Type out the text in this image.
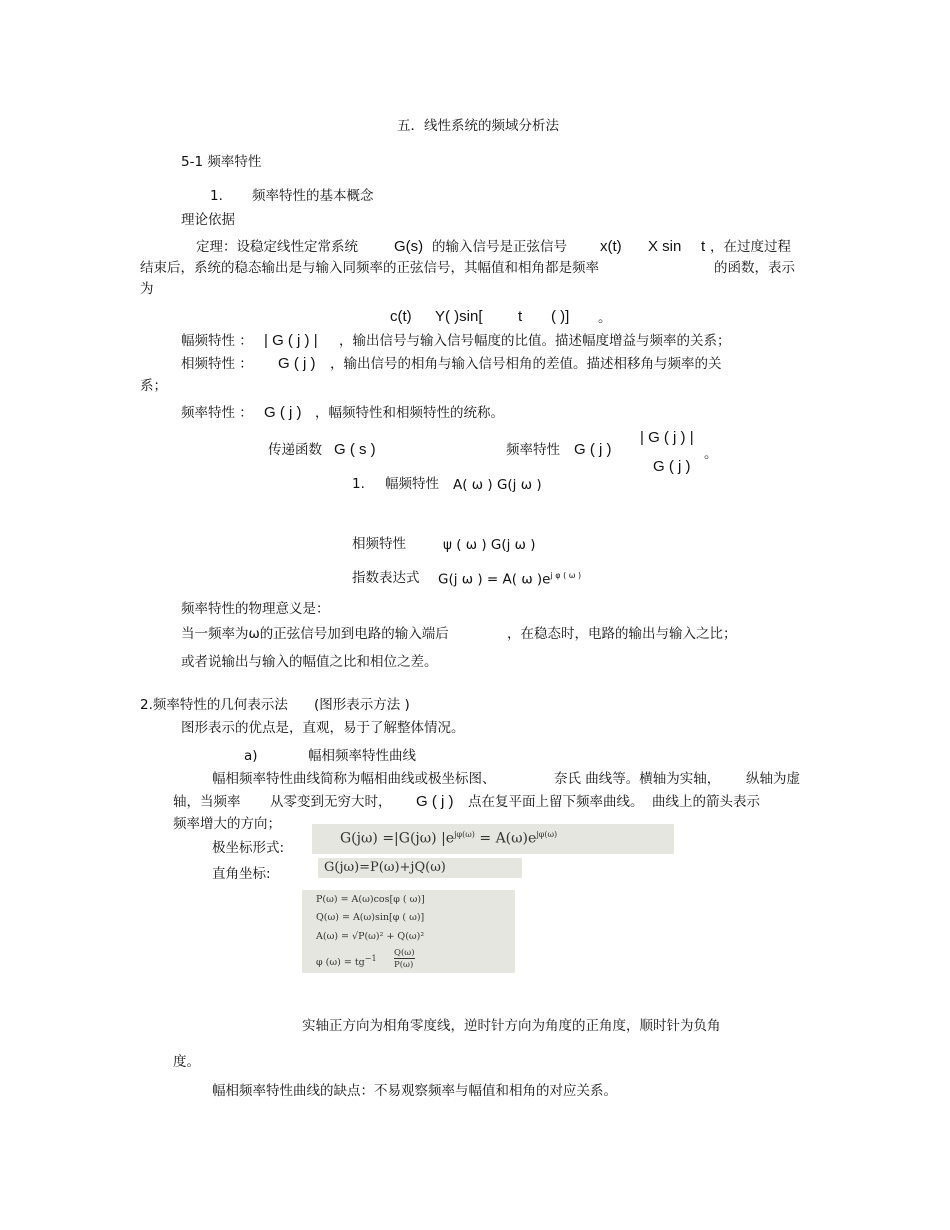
五．线性系统的频域分析法
5-1 频率特性
1. 频率特性的基本概念
理论依据
定理：设稳定线性定常系统 G(s) 的输入信号是正弦信号 x(t) X sin t ，在过度过程
结束后，系统的稳态输出是与输入同频率的正弦信号，其幅值和相角都是频率	的函数，表示
为
c(t) Y( )sin[ t ( )] 。
幅频特性 ： | G ( j ) | ，输出信号与输入信号幅度的比值。描述幅度增益与频率的关系；
相频特性 ： G ( j ) ，输出信号的相角与输入信号相角的差值。描述相移角与频率的关
系；
频率特性 ： G ( j ) ，幅频特性和相频特性的统称。
传递函数 G ( s )	频率特性 G ( j )
| G ( j ) |
G ( j )
。
1. 幅频特性 A( ω ) G(j ω )
相频特性	ψ ( ω ) G(j ω )
指数表达式 G(j ω ) = A( ω )$e^{j \varphi ( \omega )}$
频率特性的物理意义是：
当一频率为ω的正弦信号加到电路的输入端后	，在稳态时，电路的输出与输入之比；
或者说输出与输入的幅值之比和相位之差。
2.频率特性的几何表示法 (图形表示方法 )
图形表示的优点是，直观，易于了解整体情况。
a)	幅相频率特性曲线
幅相频率特性曲线简称为幅相曲线或极坐标图、	奈氏 曲线等。横轴为实轴， 纵轴为虚
轴，当频率 从零变到无穷大时， G ( j ) 点在复平面上留下频率曲线。 曲线上的箭头表示
频率增大的方向；
极坐标形式:
G(jω) =|G(jω) $|e^{j\varphi(\omega)} = A(\omega)e^{j\varphi(\omega)}$
直角坐标:	G(jω)=P(ω)+jQ(ω)
P(ω) = A(ω)cos[φ ( ω)]
Q(ω) = A(ω)sin[φ ( ω)]
A(ω) = √P(ω)² + Q(ω)²
φ $(\omega) = tg^{-1}$
Q(ω)
P(ω)
实轴正方向为相角零度线，逆时针方向为角度的正角度，顺时针为负角
度。
幅相频率特性曲线的缺点：不易观察频率与幅值和相角的对应关系。
